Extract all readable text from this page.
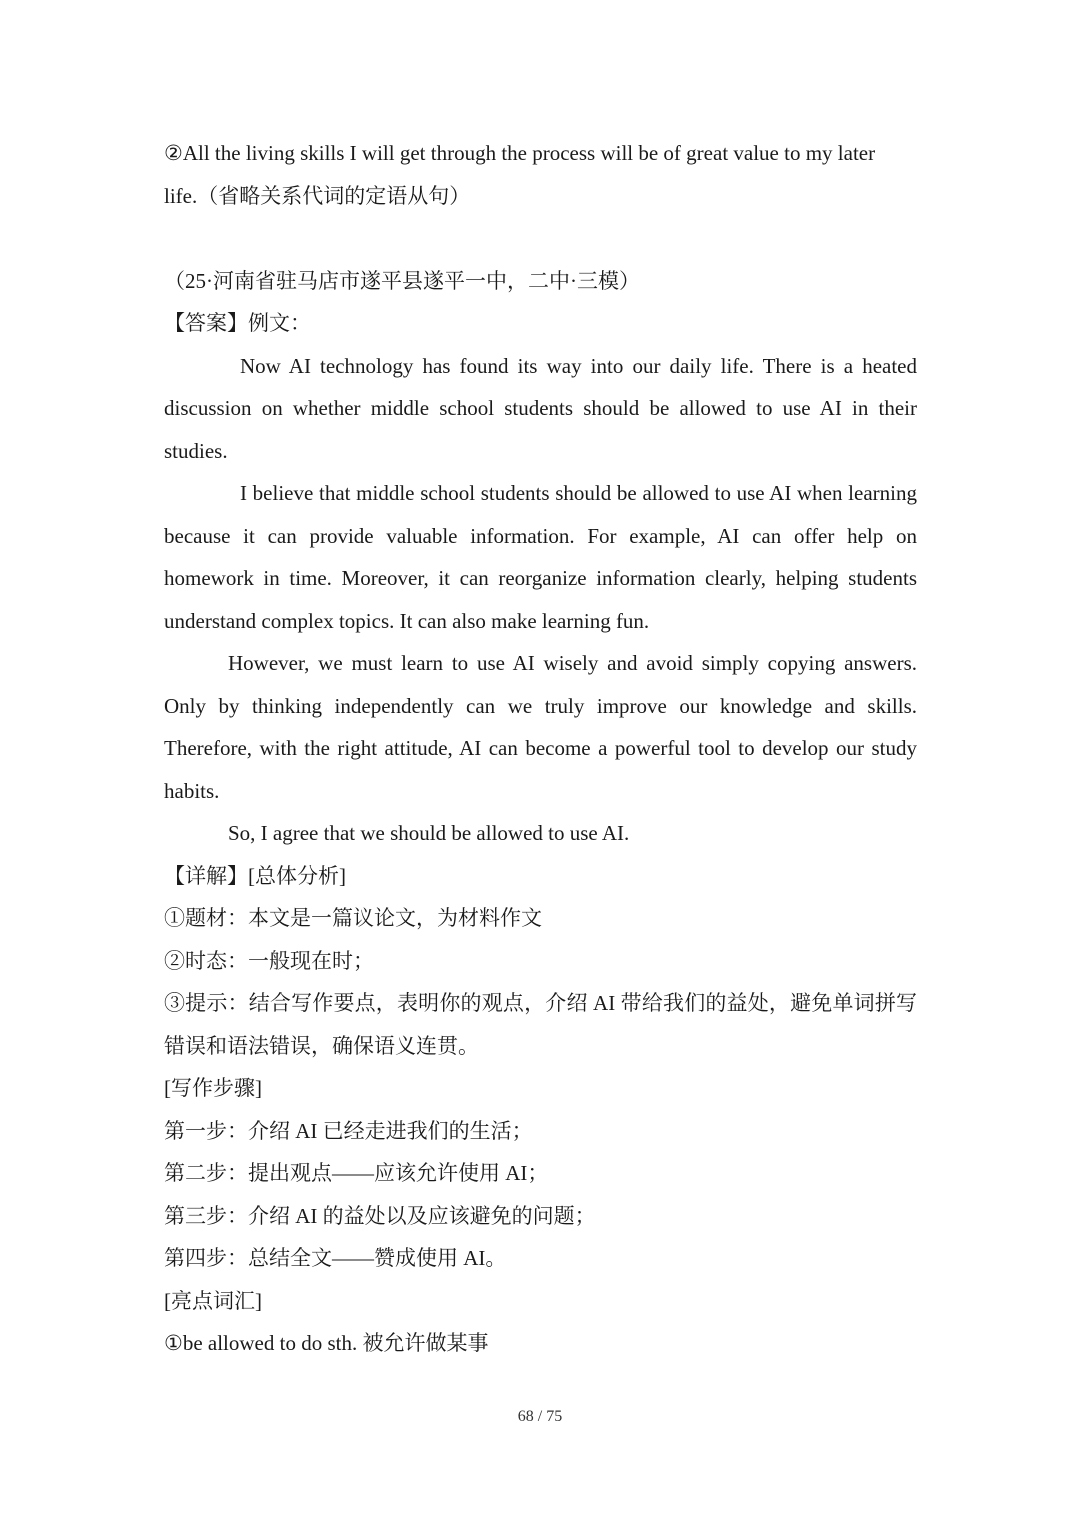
②All the living skills I will get through the process will be of great value to my later

life.（省略关系代词的定语从句）

（25·河南省驻马店市遂平县遂平一中，二中·三模）

【答案】例文：

Now AI technology has found its way into our daily life. There is a heated discussion on whether middle school students should be allowed to use AI in their studies.

I believe that middle school students should be allowed to use AI when learning because it can provide valuable information. For example, AI can offer help on homework in time. Moreover, it can reorganize information clearly, helping students understand complex topics. It can also make learning fun.

However, we must learn to use AI wisely and avoid simply copying answers. Only by thinking independently can we truly improve our knowledge and skills. Therefore, with the right attitude, AI can become a powerful tool to develop our study habits.

So, I agree that we should be allowed to use AI.

【详解】[总体分析]

①题材：本文是一篇议论文，为材料作文

②时态：一般现在时；

③提示：结合写作要点，表明你的观点，介绍 AI 带给我们的益处，避免单词拼写错误和语法错误，确保语义连贯。

[写作步骤]

第一步：介绍 AI 已经走进我们的生活；

第二步：提出观点——应该允许使用 AI；

第三步：介绍 AI 的益处以及应该避免的问题；

第四步：总结全文——赞成使用 AI。

[亮点词汇]

①be allowed to do sth. 被允许做某事

68 / 75
